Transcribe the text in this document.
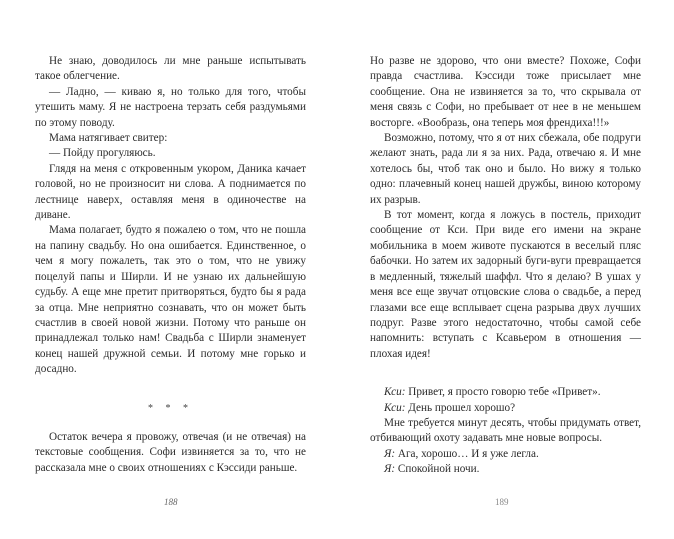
Не знаю, доводилось ли мне раньше испытывать такое облегчение.

— Ладно, — киваю я, но только для того, чтобы утешить маму. Я не настроена терзать себя раздумьями по этому поводу.

Мама натягивает свитер:

— Пойду прогуляюсь.

Глядя на меня с откровенным укором, Даника качает головой, но не произносит ни слова. А поднимается по лестнице наверх, оставляя меня в одиночестве на диване.

Мама полагает, будто я пожалею о том, что не пошла на папину свадьбу. Но она ошибается. Единственное, о чем я могу пожалеть, так это о том, что не увижу поцелуй папы и Ширли. И не узнаю их дальнейшую судьбу. А еще мне претит притворяться, будто бы я рада за отца. Мне неприятно сознавать, что он может быть счастлив в своей новой жизни. Потому что раньше он принадлежал только нам! Свадьба с Ширли знаменует конец нашей дружной семьи. И потому мне горько и досадно.

* * *

Остаток вечера я провожу, отвечая (и не отвечая) на текстовые сообщения. Софи извиняется за то, что не рассказала мне о своих отношениях с Кэссиди раньше.

188

Но разве не здорово, что они вместе? Похоже, Софи правда счастлива. Кэссиди тоже присылает мне сообщение. Она не извиняется за то, что скрывала от меня связь с Софи, но пребывает от нее в не меньшем восторге. «Вообразь, она теперь моя френдиха!!!»

Возможно, потому, что я от них сбежала, обе подруги желают знать, рада ли я за них. Рада, отвечаю я. И мне хотелось бы, чтоб так оно и было. Но вижу я только одно: плачевный конец нашей дружбы, виною которому их разрыв.

В тот момент, когда я ложусь в постель, приходит сообщение от Кси. При виде его имени на экране мобильника в моем животе пускаются в веселый пляс бабочки. Но затем их задорный буги-вуги превращается в медленный, тяжелый шаффл. Что я делаю? В ушах у меня все еще звучат отцовские слова о свадьбе, а перед глазами все еще всплывает сцена разрыва двух лучших подруг. Разве этого недостаточно, чтобы самой себе напомнить: вступать с Ксавьером в отношения — плохая идея!

Кси: Привет, я просто говорю тебе «Привет».

Кси: День прошел хорошо?

Мне требуется минут десять, чтобы придумать ответ, отбивающий охоту задавать мне новые вопросы.

Я: Ага, хорошо… И я уже легла.

Я: Спокойной ночи.

189
